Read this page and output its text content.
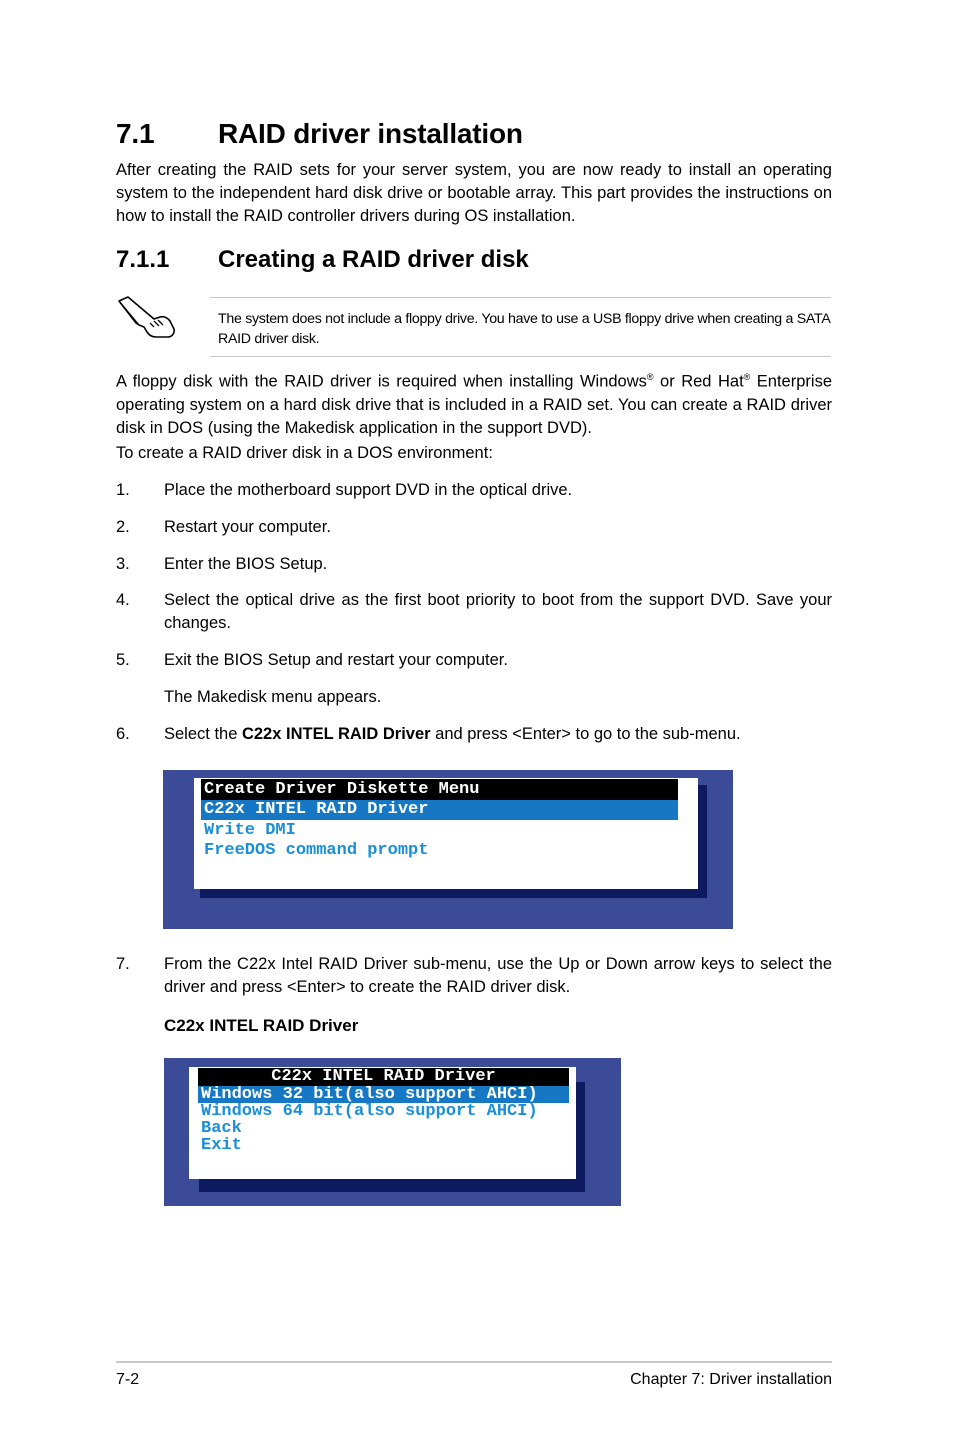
7.1 RAID driver installation
After creating the RAID sets for your server system, you are now ready to install an operating system to the independent hard disk drive or bootable array. This part provides the instructions on how to install the RAID controller drivers during OS installation.
7.1.1 Creating a RAID driver disk
The system does not include a floppy drive. You have to use a USB floppy drive when creating a SATA RAID driver disk.
A floppy disk with the RAID driver is required when installing Windows® or Red Hat® Enterprise operating system on a hard disk drive that is included in a RAID set. You can create a RAID driver disk in DOS (using the Makedisk application in the support DVD).
To create a RAID driver disk in a DOS environment:
1. Place the motherboard support DVD in the optical drive.
2. Restart your computer.
3. Enter the BIOS Setup.
4. Select the optical drive as the first boot priority to boot from the support DVD. Save your changes.
5. Exit the BIOS Setup and restart your computer.
The Makedisk menu appears.
6. Select the C22x INTEL RAID Driver and press <Enter> to go to the sub-menu.
Create Driver Diskette Menu
C22x INTEL RAID Driver
Write DMI
FreeDOS command prompt
7. From the C22x Intel RAID Driver sub-menu, use the Up or Down arrow keys to select the driver and press <Enter> to create the RAID driver disk.
C22x INTEL RAID Driver
C22x INTEL RAID Driver
Windows 32 bit(also support AHCI)
Windows 64 bit(also support AHCI)
Back
Exit
7-2	Chapter 7: Driver installation
